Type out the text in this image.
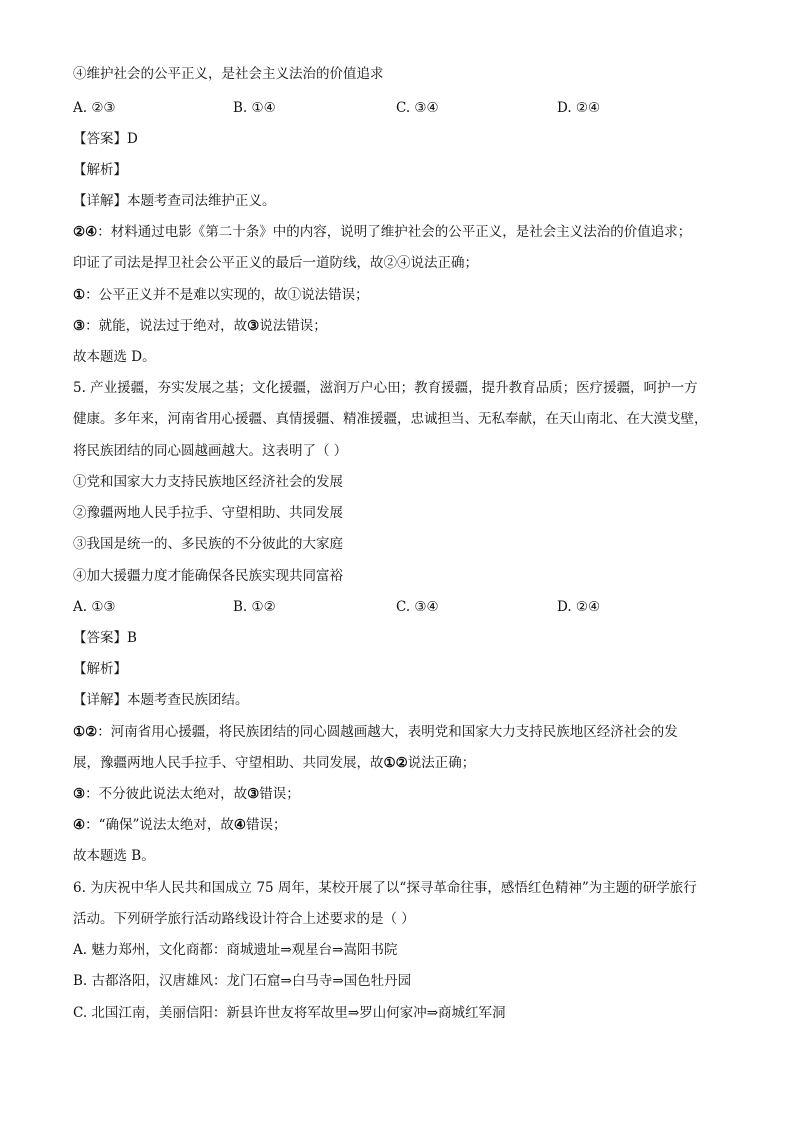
④维护社会的公平正义，是社会主义法治的价值追求
A. ②③	B. ①④	C. ③④	D. ②④
【答案】D
【解析】
【详解】本题考查司法维护正义。
②④：材料通过电影《第二十条》中的内容，说明了维护社会的公平正义，是社会主义法治的价值追求；
印证了司法是捍卫社会公平正义的最后一道防线，故②④说法正确；
①：公平正义并不是难以实现的，故①说法错误；
③：就能，说法过于绝对，故③说法错误；
故本题选 D。
5. 产业援疆，夯实发展之基；文化援疆，滋润万户心田；教育援疆，提升教育品质；医疗援疆，呵护一方
健康。多年来，河南省用心援疆、真情援疆、精准援疆，忠诚担当、无私奉献，在天山南北、在大漠戈壁，
将民族团结的同心圆越画越大。这表明了（ ）
①党和国家大力支持民族地区经济社会的发展
②豫疆两地人民手拉手、守望相助、共同发展
③我国是统一的、多民族的不分彼此的大家庭
④加大援疆力度才能确保各民族实现共同富裕
A. ①③	B. ①②	C. ③④	D. ②④
【答案】B
【解析】
【详解】本题考查民族团结。
①②：河南省用心援疆，将民族团结的同心圆越画越大，表明党和国家大力支持民族地区经济社会的发
展，豫疆两地人民手拉手、守望相助、共同发展，故①②说法正确；
③：不分彼此说法太绝对，故③错误；
④：“确保”说法太绝对，故④错误；
故本题选 B。
6. 为庆祝中华人民共和国成立 75 周年，某校开展了以“探寻革命往事，感悟红色精神”为主题的研学旅行
活动。下列研学旅行活动路线设计符合上述要求的是（ ）
A. 魅力郑州，文化商都：商城遗址⇒观星台⇒嵩阳书院
B. 古都洛阳，汉唐雄风：龙门石窟⇒白马寺⇒国色牡丹园
C. 北国江南，美丽信阳：新县许世友将军故里⇒罗山何家冲⇒商城红军洞
